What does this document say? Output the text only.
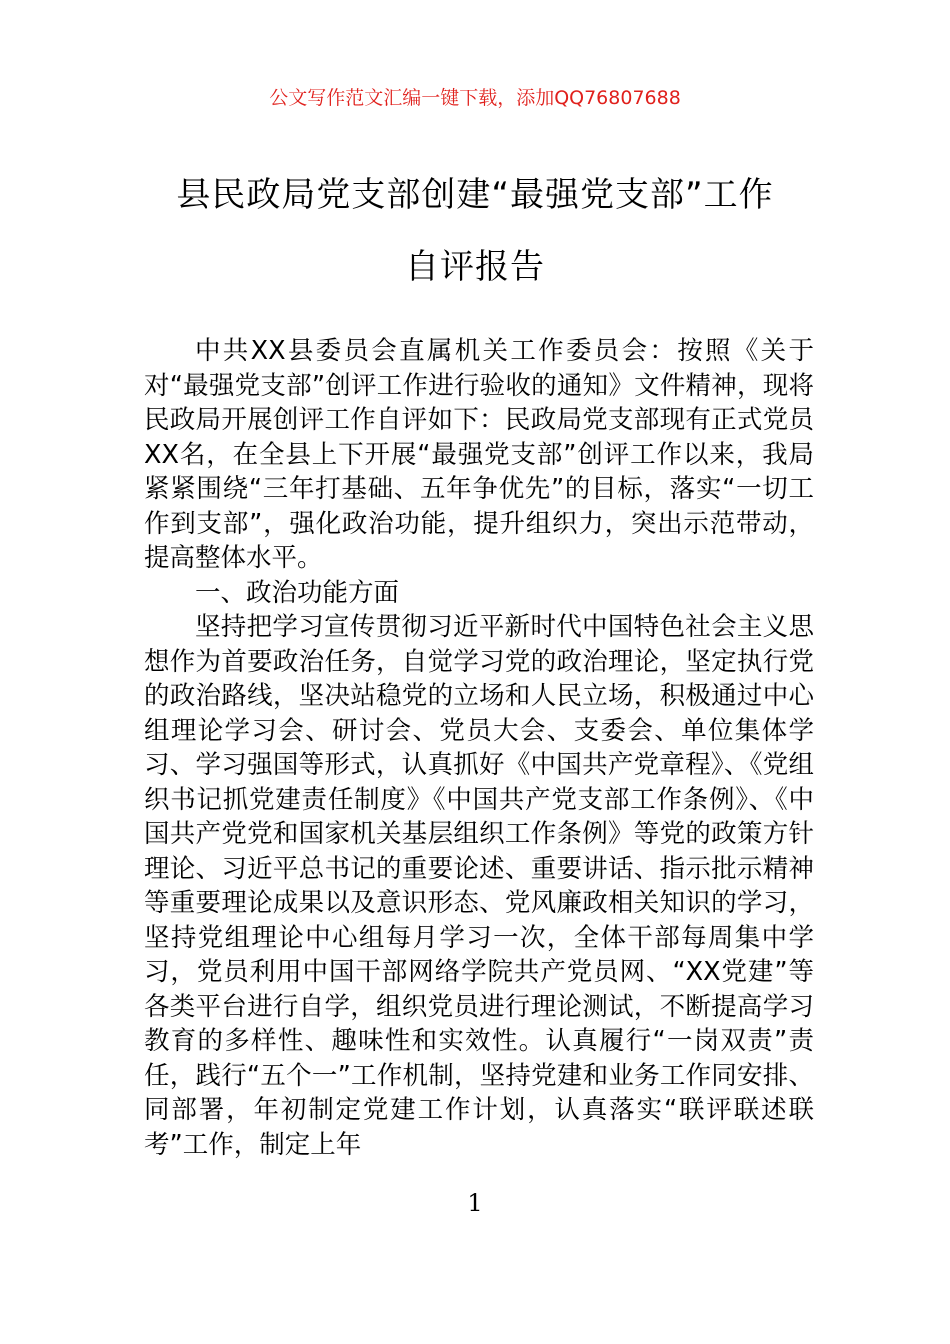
公文写作范文汇编一键下载，添加QQ76807688
县民政局党支部创建“最强党支部”工作
自评报告

中共XX县委员会直属机关工作委员会：按照《关于对“最强党支部”创评工作进行验收的通知》文件精神，现将民政局开展创评工作自评如下：民政局党支部现有正式党员XX名，在全县上下开展“最强党支部”创评工作以来，我局紧紧围绕“三年打基础、五年争优先”的目标，落实“一切工作到支部”，强化政治功能，提升组织力，突出示范带动，提高整体水平。

一、政治功能方面

坚持把学习宣传贯彻习近平新时代中国特色社会主义思想作为首要政治任务，自觉学习党的政治理论，坚定执行党的政治路线，坚决站稳党的立场和人民立场，积极通过中心组理论学习会、研讨会、党员大会、支委会、单位集体学习、学习强国等形式，认真抓好《中国共产党章程》、《党组织书记抓党建责任制度》《中国共产党支部工作条例》、《中国共产党党和国家机关基层组织工作条例》等党的政策方针理论、习近平总书记的重要论述、重要讲话、指示批示精神等重要理论成果以及意识形态、党风廉政相关知识的学习，坚持党组理论中心组每月学习一次，全体干部每周集中学习，党员利用中国干部网络学院共产党员网、“XX党建”等各类平台进行自学，组织党员进行理论测试，不断提高学习教育的多样性、趣味性和实效性。认真履行“一岗双责”责任，践行“五个一”工作机制，坚持党建和业务工作同安排、同部署，年初制定党建工作计划，认真落实“联评联述联考”工作，制定上年

1
